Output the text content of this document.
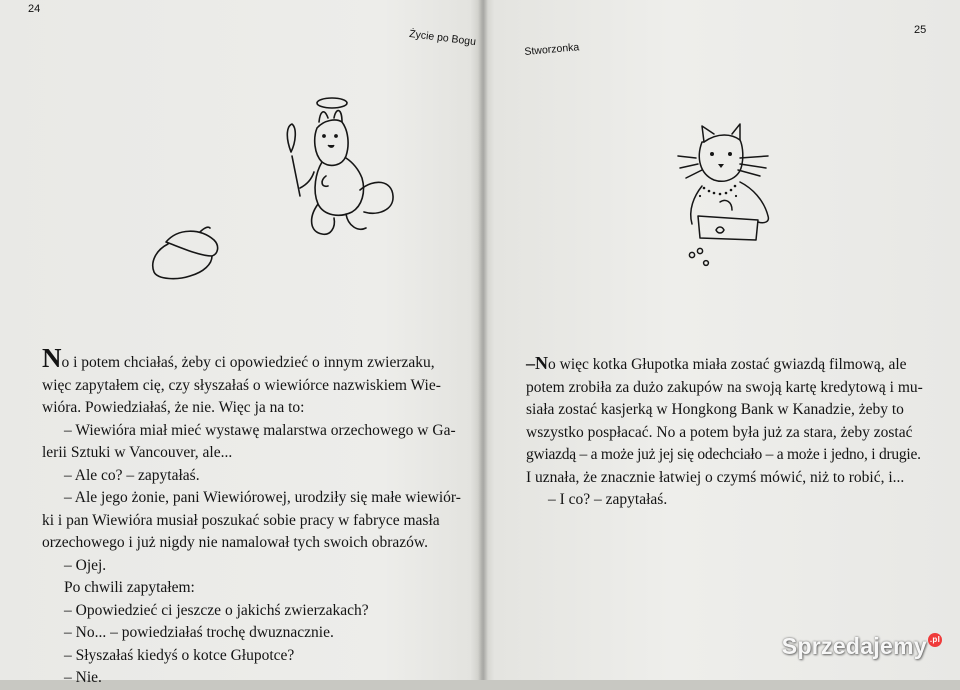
24
Życie po Bogu

No i potem chciałaś, żeby ci opowiedzieć o innym zwierzaku,

więc zapytałem cię, czy słyszałaś o wiewiórce nazwiskiem Wie-

wióra. Powiedziałaś, że nie. Więc ja na to:

– Wiewióra miał mieć wystawę malarstwa orzechowego w Ga-

lerii Sztuki w Vancouver, ale...

– Ale co? – zapytałaś.

– Ale jego żonie, pani Wiewiórowej, urodziły się małe wiewiór-

ki i pan Wiewióra musiał poszukać sobie pracy w fabryce masła

orzechowego i już nigdy nie namalował tych swoich obrazów.

– Ojej.

Po chwili zapytałem:

– Opowiedzieć ci jeszcze o jakichś zwierzakach?

– No... – powiedziałaś trochę dwuznacznie.

– Słyszałaś kiedyś o kotce Głupotce?

– Nie.

Stworzonka
25

–No więc kotka Głupotka miała zostać gwiazdą filmową, ale

potem zrobiła za dużo zakupów na swoją kartę kredytową i mu-

siała zostać kasjerką w Hongkong Bank w Kanadzie, żeby to

wszystko pospłacać. No a potem była już za stara, żeby zostać

gwiazdą – a może już jej się odechciało – a może i jedno, i drugie.

I uznała, że znacznie łatwiej o czymś mówić, niż to robić, i...

– I co? – zapytałaś.

Sprzedajemy .pl
